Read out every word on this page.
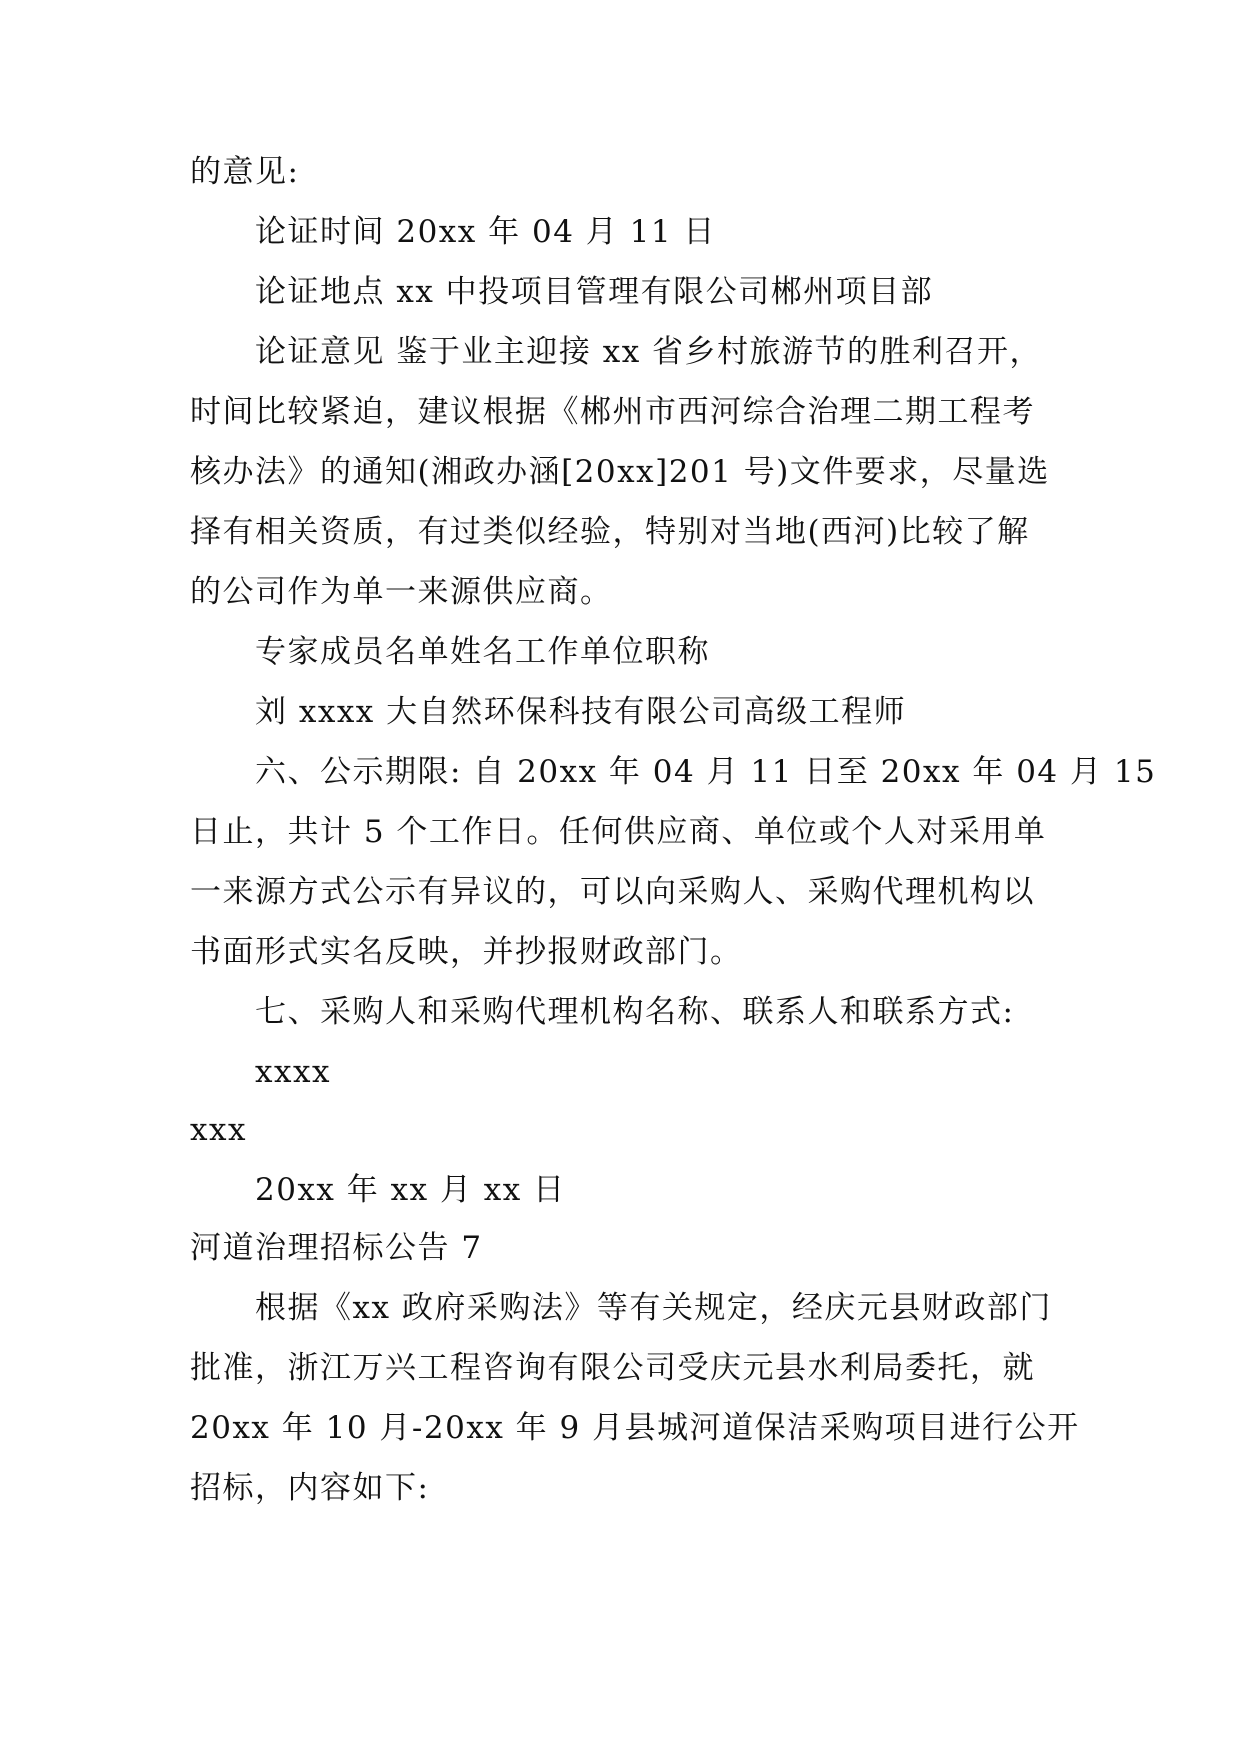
的意见:
论证时间 20xx 年 04 月 11 日
论证地点 xx 中投项目管理有限公司郴州项目部
论证意见 鉴于业主迎接 xx 省乡村旅游节的胜利召开，
时间比较紧迫，建议根据《郴州市西河综合治理二期工程考
核办法》的通知(湘政办涵[20xx]201 号)文件要求，尽量选
择有相关资质，有过类似经验，特别对当地(西河)比较了解
的公司作为单一来源供应商。
专家成员名单姓名工作单位职称
刘 xxxx 大自然环保科技有限公司高级工程师
六、公示期限: 自 20xx 年 04 月 11 日至 20xx 年 04 月 15
日止，共计 5 个工作日。任何供应商、单位或个人对采用单
一来源方式公示有异议的，可以向采购人、采购代理机构以
书面形式实名反映，并抄报财政部门。
七、采购人和采购代理机构名称、联系人和联系方式:
xxxx
xxx
20xx 年 xx 月 xx 日
河道治理招标公告 7
根据《xx 政府采购法》等有关规定，经庆元县财政部门
批准，浙江万兴工程咨询有限公司受庆元县水利局委托，就
20xx 年 10 月-20xx 年 9 月县城河道保洁采购项目进行公开
招标，内容如下:
